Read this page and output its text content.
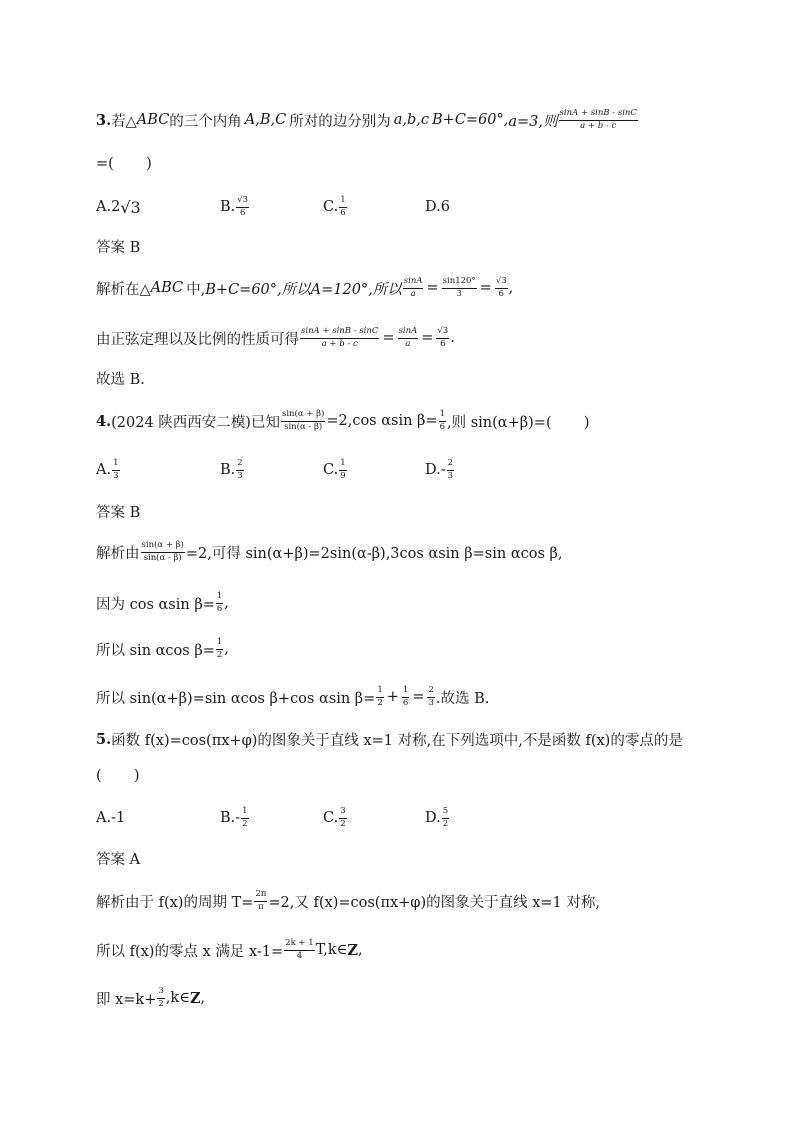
3. 若△ ABC 的三个内角 A,B,C 所对的边分别为 a,b,c B+C=60°, a=3,则 $\frac{\sin A + \sin B - \sin C}{a + b - c}$
=(       )
A.2 √3	B. $\frac{√3}{6}$	C. $\frac{1}{6}$	D.6
答案 B
解析在△ ABC 中, B+C=60°,所以 A=120°,所以 $\frac{\sin A}{a} = \frac{\sin 120^\circ}{3} = \frac{√3}{6}$ ,
由正弦定理以及比例的性质可得 $\frac{\sin A + \sin B - \sin C}{a + b - c} = \frac{\sin A}{a} = \frac{√3}{6}$ .
故选 B.
4. (2024 陕西西安二模) 已知 $\frac{\sin(\alpha + \beta)}{\sin(\alpha - \beta)} =2,\cos$ αsin $\beta= \frac{1}{6}$ ,则 sin(α+β)=(       )
A. $\frac{1}{3}$	B. $\frac{2}{3}$	C. $\frac{1}{9}$	$D.- \frac{2}{3}$
答案 B
解析由 $\frac{\sin(\alpha + \beta)}{\sin(\alpha - \beta)} =2$,可得 sin(α+β)=2sin(α-β),3cos αsin β=sin αcos β,
因为 cos αsin $\beta= \frac{1}{6}$ ,
所以 sin αcos $\beta= \frac{1}{2}$ ,
所以 sin(α+β)=sin αcos β+cos αsin $\beta= \frac{1}{2} + \frac{1}{6} = \frac{2}{3}$ .故选 B.
5. 函数 f(x)=cos(πx+φ)的图象关于直线 x=1 对称,在下列选项中,不是函数 f(x)的零点的是
(       )
A.-1	$B.- \frac{1}{2}$	C. $\frac{3}{2}$	D. $\frac{5}{2}$
答案 A
解析由于 f(x)的周期 $T= \frac{2\pi}{\pi} =2$,又 f(x)=cos(πx+φ)的图象关于直线 x=1 对称,
所以 f(x)的零点 x 满足 $x-1= \frac{2k + 1}{4}$ T,k∈ Z ,
即 $x=k+ \frac{3}{2}$ ,k∈ Z ,
